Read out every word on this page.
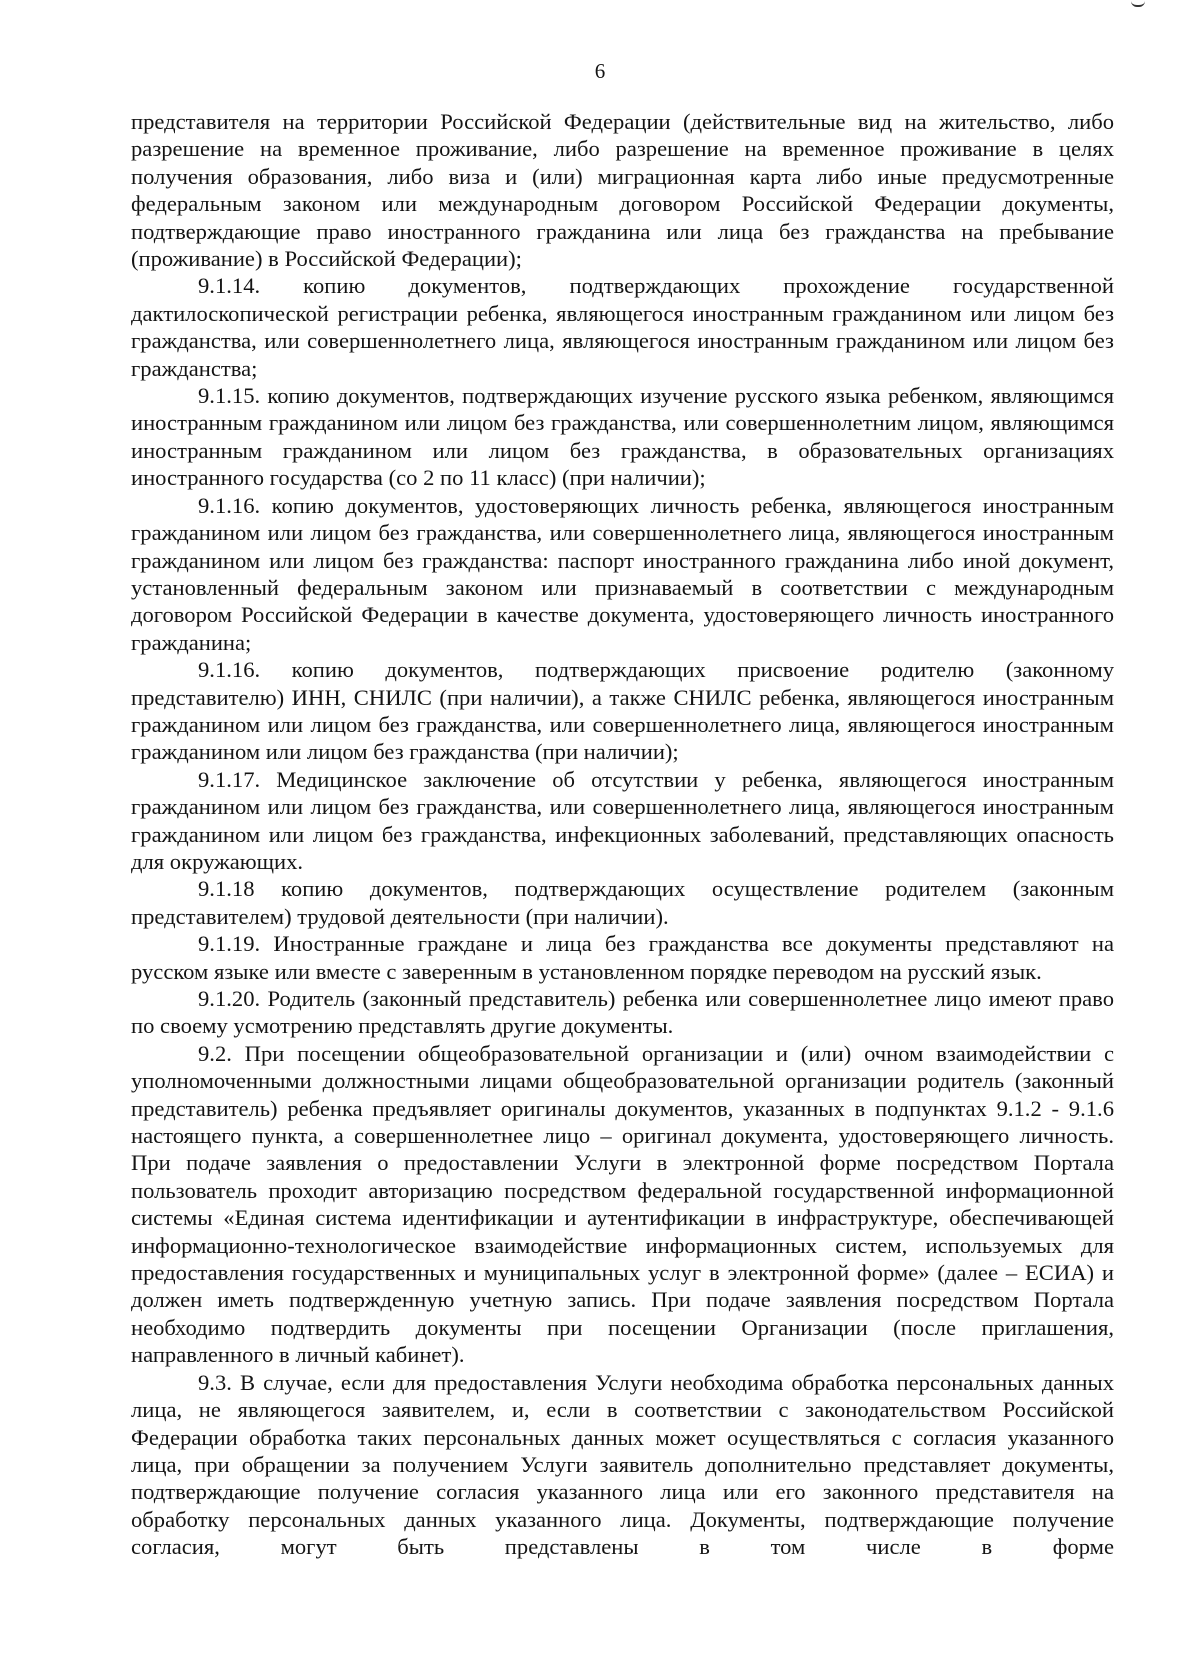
6

представителя на территории Российской Федерации (действительные вид на жительство, либо разрешение на временное проживание, либо разрешение на временное проживание в целях получения образования, либо виза и (или) миграционная карта либо иные предусмотренные федеральным законом или международным договором Российской Федерации документы, подтверждающие право иностранного гражданина или лица без гражданства на пребывание (проживание) в Российской Федерации);

9.1.14. копию документов, подтверждающих прохождение государственной дактилоскопической регистрации ребенка, являющегося иностранным гражданином или лицом без гражданства, или совершеннолетнего лица, являющегося иностранным гражданином или лицом без гражданства;

9.1.15. копию документов, подтверждающих изучение русского языка ребенком, являющимся иностранным гражданином или лицом без гражданства, или совершеннолетним лицом, являющимся иностранным гражданином или лицом без гражданства, в образовательных организациях иностранного государства (со 2 по 11 класс) (при наличии);

9.1.16. копию документов, удостоверяющих личность ребенка, являющегося иностранным гражданином или лицом без гражданства, или совершеннолетнего лица, являющегося иностранным гражданином или лицом без гражданства: паспорт иностранного гражданина либо иной документ, установленный федеральным законом или признаваемый в соответствии с международным договором Российской Федерации в качестве документа, удостоверяющего личность иностранного гражданина;

9.1.16. копию документов, подтверждающих присвоение родителю (законному представителю) ИНН, СНИЛС (при наличии), а также СНИЛС ребенка, являющегося иностранным гражданином или лицом без гражданства, или совершеннолетнего лица, являющегося иностранным гражданином или лицом без гражданства (при наличии);

9.1.17. Медицинское заключение об отсутствии у ребенка, являющегося иностранным гражданином или лицом без гражданства, или совершеннолетнего лица, являющегося иностранным гражданином или лицом без гражданства, инфекционных заболеваний, представляющих опасность для окружающих.

9.1.18 копию документов, подтверждающих осуществление родителем (законным представителем) трудовой деятельности (при наличии).

9.1.19. Иностранные граждане и лица без гражданства все документы представляют на русском языке или вместе с заверенным в установленном порядке переводом на русский язык.

9.1.20. Родитель (законный представитель) ребенка или совершеннолетнее лицо имеют право по своему усмотрению представлять другие документы.

9.2. При посещении общеобразовательной организации и (или) очном взаимодействии с уполномоченными должностными лицами общеобразовательной организации родитель (законный представитель) ребенка предъявляет оригиналы документов, указанных в подпунктах 9.1.2 - 9.1.6 настоящего пункта, а совершеннолетнее лицо – оригинал документа, удостоверяющего личность. При подаче заявления о предоставлении Услуги в электронной форме посредством Портала пользователь проходит авторизацию посредством федеральной государственной информационной системы «Единая система идентификации и аутентификации в инфраструктуре, обеспечивающей информационно-технологическое взаимодействие информационных систем, используемых для предоставления государственных и муниципальных услуг в электронной форме» (далее – ЕСИА) и должен иметь подтвержденную учетную запись. При подаче заявления посредством Портала необходимо подтвердить документы при посещении Организации (после приглашения, направленного в личный кабинет).

9.3. В случае, если для предоставления Услуги необходима обработка персональных данных лица, не являющегося заявителем, и, если в соответствии с законодательством Российской Федерации обработка таких персональных данных может осуществляться с согласия указанного лица, при обращении за получением Услуги заявитель дополнительно представляет документы, подтверждающие получение согласия указанного лица или его законного представителя на обработку персональных данных указанного лица. Документы, подтверждающие получение согласия, могут быть представлены в том числе в форме
